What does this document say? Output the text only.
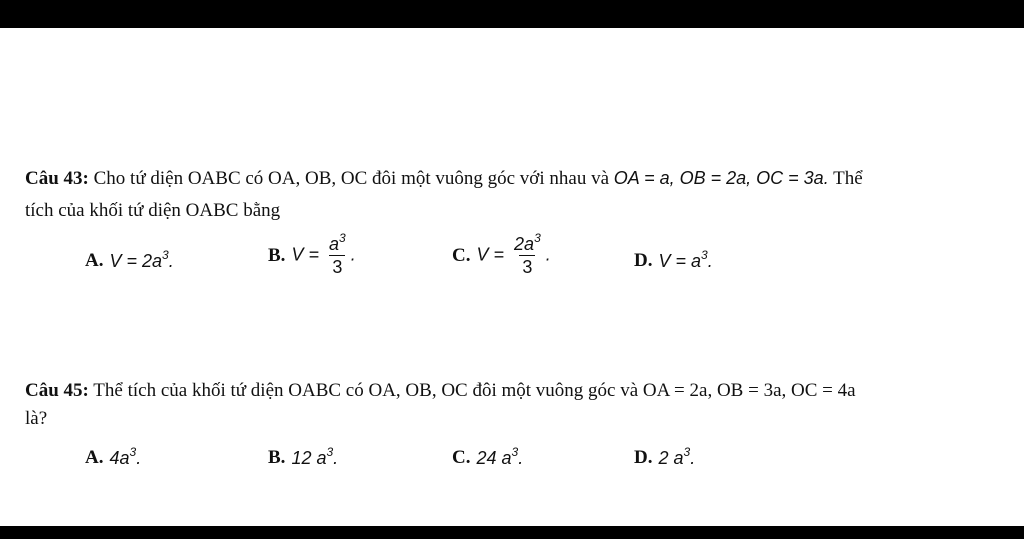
Câu 43: Cho tứ diện OABC có OA, OB, OC đôi một vuông góc với nhau và OA = a, OB = 2a, OC = 3a. Thể
tích của khối tứ diện OABC bằng
A. $V = 2a^3$.	B. $V = \frac{a^3}{3}$ .	C. $V = \frac{2a^3}{3}$ .	D. $V = a^3$.
Câu 45: Thể tích của khối tứ diện OABC có OA, OB, OC đôi một vuông góc và OA = 2a, OB = 3a, OC = 4a
là?
A. $4a^3$.	B. 12 $a^3$.	C. 24 $a^3$.	D. 2 $a^3$.
